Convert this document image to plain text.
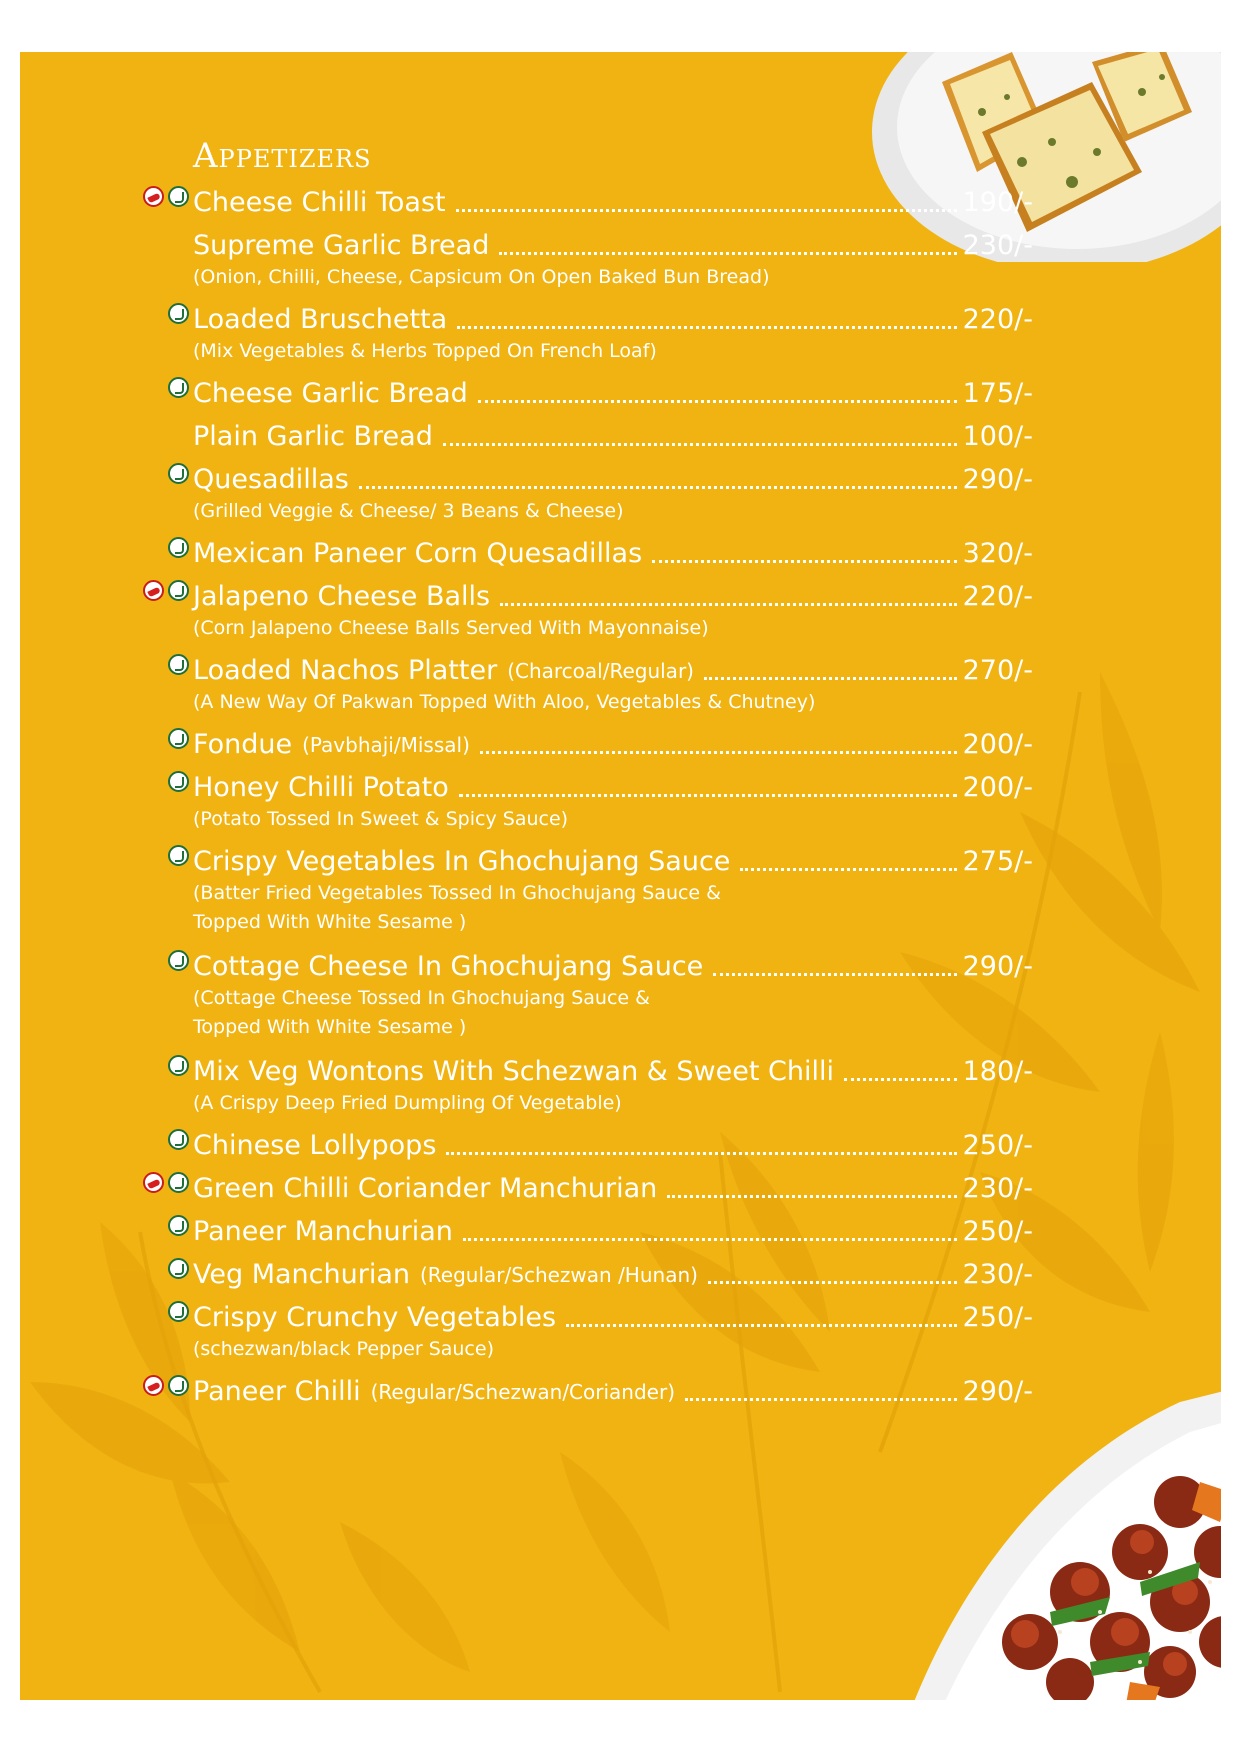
Appetizers
Cheese Chilli Toast	190/-
Supreme Garlic Bread	230/-
(Onion, Chilli, Cheese, Capsicum On Open Baked Bun Bread)
Loaded Bruschetta	220/-
(Mix Vegetables & Herbs Topped On French Loaf)
Cheese Garlic Bread	175/-
Plain Garlic Bread	100/-
Quesadillas	290/-
(Grilled Veggie & Cheese/ 3 Beans & Cheese)
Mexican Paneer Corn Quesadillas	320/-
Jalapeno Cheese Balls	220/-
(Corn Jalapeno Cheese Balls Served With Mayonnaise)
Loaded Nachos Platter (Charcoal/Regular)	270/-
(A New Way Of Pakwan Topped With Aloo, Vegetables & Chutney)
Fondue (Pavbhaji/Missal)	200/-
Honey Chilli Potato	200/-
(Potato Tossed In Sweet & Spicy Sauce)
Crispy Vegetables In Ghochujang Sauce	275/-
(Batter Fried Vegetables Tossed In Ghochujang Sauce &
Topped With White Sesame )
Cottage Cheese In Ghochujang Sauce	290/-
(Cottage Cheese Tossed In Ghochujang Sauce &
Topped With White Sesame )
Mix Veg Wontons With Schezwan & Sweet Chilli	180/-
(A Crispy Deep Fried Dumpling Of Vegetable)
Chinese Lollypops	250/-
Green Chilli Coriander Manchurian	230/-
Paneer Manchurian	250/-
Veg Manchurian (Regular/Schezwan /Hunan)	230/-
Crispy Crunchy Vegetables	250/-
(schezwan/black Pepper Sauce)
Paneer Chilli (Regular/Schezwan/Coriander)	290/-
